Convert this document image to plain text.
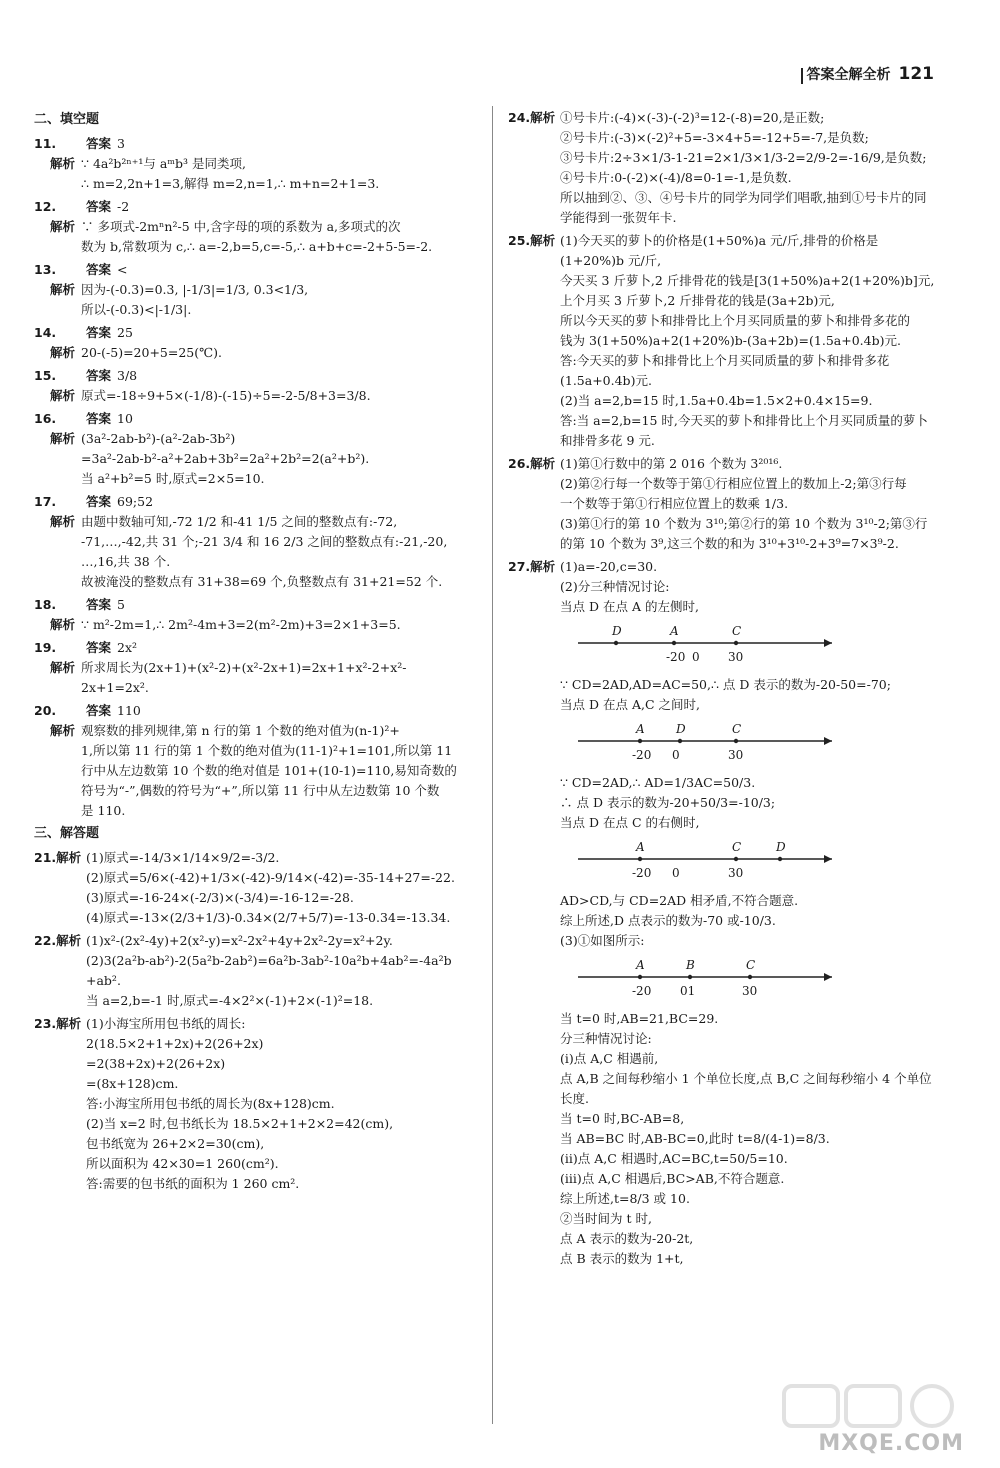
答案全解全析 121
二、填空题
11.	答案 3
解析 ∵ 4a²b²ⁿ⁺¹与 aᵐb³ 是同类项,
∴ m=2,2n+1=3,解得 m=2,n=1,∴ m+n=2+1=3.
12.	答案 -2
解析 ∵ 多项式-2mⁿn²-5 中,含字母的项的系数为 a,多项式的次
数为 b,常数项为 c,∴ a=-2,b=5,c=-5,∴ a+b+c=-2+5-5=-2.
13.	答案 <
解析 因为-(-0.3)=0.3, |-1/3|=1/3, 0.3<1/3,
所以-(-0.3)<|-1/3|.
14.	答案 25
解析 20-(-5)=20+5=25(℃).
15.	答案 3/8
解析 原式=-18÷9+5×(-1/8)-(-15)÷5=-2-5/8+3=3/8.
16.	答案 10
解析 (3a²-2ab-b²)-(a²-2ab-3b²)
=3a²-2ab-b²-a²+2ab+3b²=2a²+2b²=2(a²+b²).
当 a²+b²=5 时,原式=2×5=10.
17.	答案 69;52
解析 由题中数轴可知,-72 1/2 和-41 1/5 之间的整数点有:-72,
-71,…,-42,共 31 个;-21 3/4 和 16 2/3 之间的整数点有:-21,-20,
…,16,共 38 个.
故被淹没的整数点有 31+38=69 个,负整数点有 31+21=52 个.
18.	答案 5
解析 ∵ m²-2m=1,∴ 2m²-4m+3=2(m²-2m)+3=2×1+3=5.
19.	答案 2x²
解析 所求周长为(2x+1)+(x²-2)+(x²-2x+1)=2x+1+x²-2+x²-
2x+1=2x².
20.	答案 110
解析 观察数的排列规律,第 n 行的第 1 个数的绝对值为(n-1)²+
1,所以第 11 行的第 1 个数的绝对值为(11-1)²+1=101,所以第 11
行中从左边数第 10 个数的绝对值是 101+(10-1)=110,易知奇数的
符号为“-”,偶数的符号为“+”,所以第 11 行中从左边数第 10 个数
是 110.
三、解答题
21.解析 (1)原式=-14/3×1/14×9/2=-3/2.
(2)原式=5/6×(-42)+1/3×(-42)-9/14×(-42)=-35-14+27=-22.
(3)原式=-16-24×(-2/3)×(-3/4)=-16-12=-28.
(4)原式=-13×(2/3+1/3)-0.34×(2/7+5/7)=-13-0.34=-13.34.
22.解析 (1)x²-(2x²-4y)+2(x²-y)=x²-2x²+4y+2x²-2y=x²+2y.
(2)3(2a²b-ab²)-2(5a²b-2ab²)=6a²b-3ab²-10a²b+4ab²=-4a²b
+ab².
当 a=2,b=-1 时,原式=-4×2²×(-1)+2×(-1)²=18.
23.解析 (1)小海宝所用包书纸的周长:
2(18.5×2+1+2x)+2(26+2x)
=2(38+2x)+2(26+2x)
=(8x+128)cm.
答:小海宝所用包书纸的周长为(8x+128)cm.
(2)当 x=2 时,包书纸长为 18.5×2+1+2×2=42(cm),
包书纸宽为 26+2×2=30(cm),
所以面积为 42×30=1 260(cm²).
答:需要的包书纸的面积为 1 260 cm².
24.解析 ①号卡片:(-4)×(-3)-(-2)³=12-(-8)=20,是正数;
②号卡片:(-3)×(-2)²+5=-3×4+5=-12+5=-7,是负数;
③号卡片:2÷3×1/3-1-21=2×1/3×1/3-2=2/9-2=-16/9,是负数;
④号卡片:0-(-2)×(-4)/8=0-1=-1,是负数.
所以抽到②、③、④号卡片的同学为同学们唱歌,抽到①号卡片的同
学能得到一张贺年卡.
25.解析 (1)今天买的萝卜的价格是(1+50%)a 元/斤,排骨的价格是
(1+20%)b 元/斤,
今天买 3 斤萝卜,2 斤排骨花的钱是[3(1+50%)a+2(1+20%)b]元,
上个月买 3 斤萝卜,2 斤排骨花的钱是(3a+2b)元,
所以今天买的萝卜和排骨比上个月买同质量的萝卜和排骨多花的
钱为 3(1+50%)a+2(1+20%)b-(3a+2b)=(1.5a+0.4b)元.
答:今天买的萝卜和排骨比上个月买同质量的萝卜和排骨多花
(1.5a+0.4b)元.
(2)当 a=2,b=15 时,1.5a+0.4b=1.5×2+0.4×15=9.
答:当 a=2,b=15 时,今天买的萝卜和排骨比上个月买同质量的萝卜
和排骨多花 9 元.
26.解析 (1)第①行数中的第 2 016 个数为 3²⁰¹⁶.
(2)第②行每一个数等于第①行相应位置上的数加上-2;第③行每
一个数等于第①行相应位置上的数乘 1/3.
(3)第①行的第 10 个数为 3¹⁰;第②行的第 10 个数为 3¹⁰-2;第③行
的第 10 个数为 3⁹,这三个数的和为 3¹⁰+3¹⁰-2+3⁹=7×3⁹-2.
27.解析 (1)a=-20,c=30.
(2)分三种情况讨论:
当点 D 在点 A 的左侧时,
D	A	C
-20 0 30
∵ CD=2AD,AD=AC=50,∴ 点 D 表示的数为-20-50=-70;
当点 D 在点 A,C 之间时,
A	D	C
-20 0	30
∵ CD=2AD,∴ AD=1/3AC=50/3.
∴ 点 D 表示的数为-20+50/3=-10/3;
当点 D 在点 C 的右侧时,
A	C	D
-20 0	30
AD>CD,与 CD=2AD 相矛盾,不符合题意.
综上所述,D 点表示的数为-70 或-10/3.
(3)①如图所示:
A	B	C
-20 01	30
当 t=0 时,AB=21,BC=29.
分三种情况讨论:
(i)点 A,C 相遇前,
点 A,B 之间每秒缩小 1 个单位长度,点 B,C 之间每秒缩小 4 个单位
长度.
当 t=0 时,BC-AB=8,
当 AB=BC 时,AB-BC=0,此时 t=8/(4-1)=8/3.
(ii)点 A,C 相遇时,AC=BC,t=50/5=10.
(iii)点 A,C 相遇后,BC>AB,不符合题意.
综上所述,t=8/3 或 10.
②当时间为 t 时,
点 A 表示的数为-20-2t,
点 B 表示的数为 1+t,
MXQE.COM
